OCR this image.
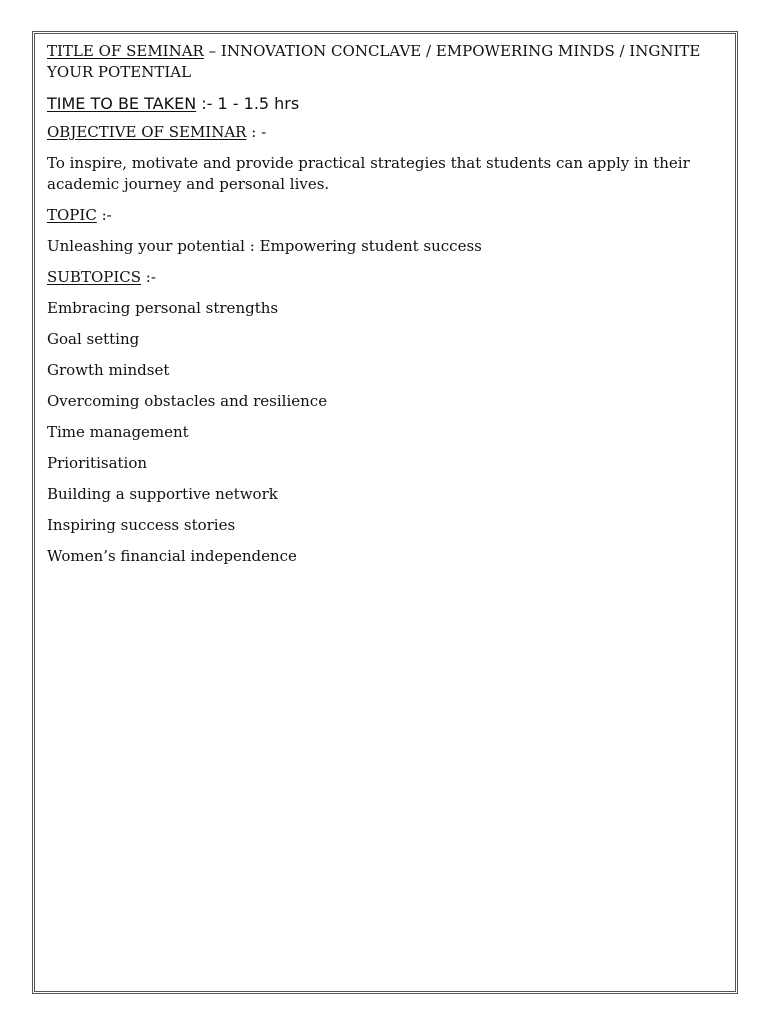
TITLE OF SEMINAR – INNOVATION CONCLAVE / EMPOWERING MINDS / INGNITE YOUR POTENTIAL

TIME TO BE TAKEN :- 1 - 1.5 hrs

OBJECTIVE OF SEMINAR : -

To inspire, motivate and provide practical strategies that students can apply in their academic journey and personal lives.

TOPIC :-

Unleashing your potential : Empowering student success

SUBTOPICS :-

Embracing personal strengths
Goal setting
Growth mindset
Overcoming obstacles and resilience
Time management
Prioritisation
Building a supportive network
Inspiring success stories
Women’s financial independence
